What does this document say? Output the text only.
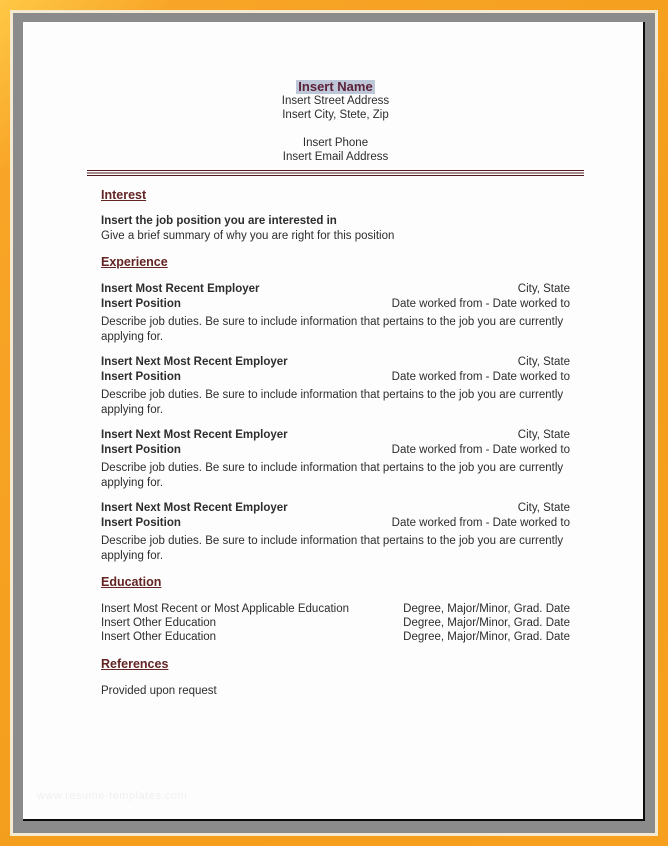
Insert Name
Insert Street Address
Insert City, Stete, Zip
Insert Phone
Insert Email Address
Interest
Insert the job position you are interested in
Give a brief summary of why you are right for this position
Experience
Insert Most Recent Employer	City, State
Insert Position	Date worked from - Date worked to
Describe job duties. Be sure to include information that pertains to the job you are currently applying for.
Insert Next Most Recent Employer	City, State
Insert Position	Date worked from - Date worked to
Describe job duties. Be sure to include information that pertains to the job you are currently applying for.
Insert Next Most Recent Employer	City, State
Insert Position	Date worked from - Date worked to
Describe job duties. Be sure to include information that pertains to the job you are currently applying for.
Insert Next Most Recent Employer	City, State
Insert Position	Date worked from - Date worked to
Describe job duties. Be sure to include information that pertains to the job you are currently applying for.
Education
Insert Most Recent or Most Applicable Education	Degree, Major/Minor, Grad. Date
Insert Other Education	Degree, Major/Minor, Grad. Date
Insert Other Education	Degree, Major/Minor, Grad. Date
References
Provided upon request
www.resume-templates.com
